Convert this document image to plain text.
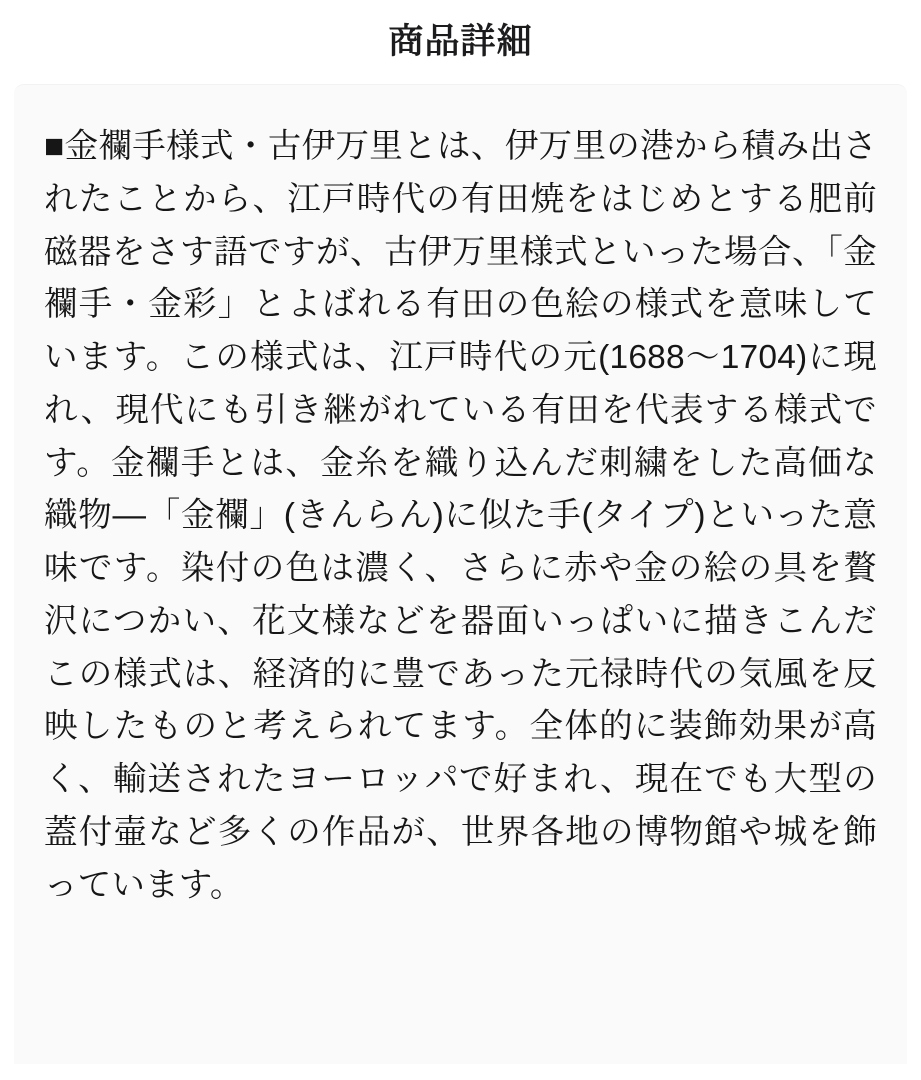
商品詳細

■金襴手様式・古伊万里とは、伊万里の港から積み出されたことから、江戸時代の有田焼をはじめとする肥前磁器をさす語ですが、古伊万里様式といった場合、「金襴手・金彩」とよばれる有田の色絵の様式を意味しています。この様式は、江戸時代の元(1688〜1704)に現れ、現代にも引き継がれている有田を代表する様式です。金襴手とは、金糸を織り込んだ刺繍をした高価な織物—「金襴」(きんらん)に似た手(タイプ)といった意味です。染付の色は濃く、さらに赤や金の絵の具を贅沢につかい、花文様などを器面いっぱいに描きこんだこの様式は、経済的に豊であった元禄時代の気風を反映したものと考えられてます。全体的に装飾効果が高く、輸送されたヨーロッパで好まれ、現在でも大型の蓋付壷など多くの作品が、世界各地の博物館や城を飾っています。
